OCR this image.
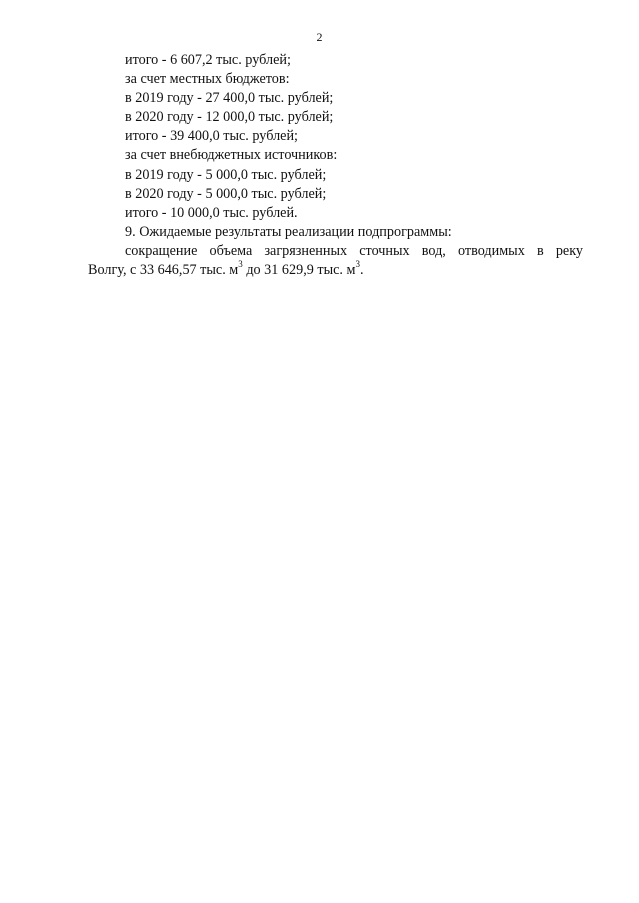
2

итого - 6 607,2 тыс. рублей;

за счет местных бюджетов:

в 2019 году - 27 400,0 тыс. рублей;

в 2020 году - 12 000,0 тыс. рублей;

итого - 39 400,0 тыс. рублей;

за счет внебюджетных источников:

в 2019 году - 5 000,0 тыс. рублей;

в 2020 году - 5 000,0 тыс. рублей;

итого - 10 000,0 тыс. рублей.

9. Ожидаемые результаты реализации подпрограммы:

сокращение объема загрязненных сточных вод, отводимых в реку

Волгу, с 33 646,57 тыс. $м^3$ до 31 629,9 тыс. $м^3$.
